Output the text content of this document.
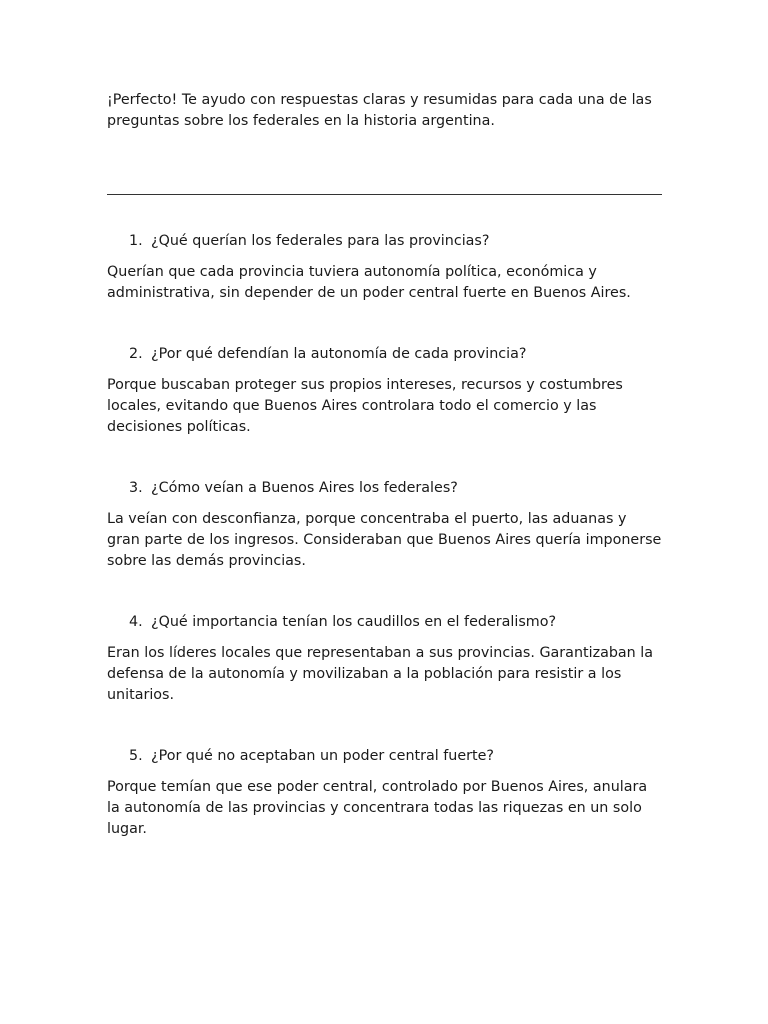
¡Perfecto! Te ayudo con respuestas claras y resumidas para cada una de las preguntas sobre los federales en la historia argentina.

1. ¿Qué querían los federales para las provincias?

Querían que cada provincia tuviera autonomía política, económica y administrativa, sin depender de un poder central fuerte en Buenos Aires.

2. ¿Por qué defendían la autonomía de cada provincia?

Porque buscaban proteger sus propios intereses, recursos y costumbres locales, evitando que Buenos Aires controlara todo el comercio y las decisiones políticas.

3. ¿Cómo veían a Buenos Aires los federales?

La veían con desconfianza, porque concentraba el puerto, las aduanas y gran parte de los ingresos. Consideraban que Buenos Aires quería imponerse sobre las demás provincias.

4. ¿Qué importancia tenían los caudillos en el federalismo?

Eran los líderes locales que representaban a sus provincias. Garantizaban la defensa de la autonomía y movilizaban a la población para resistir a los unitarios.

5. ¿Por qué no aceptaban un poder central fuerte?

Porque temían que ese poder central, controlado por Buenos Aires, anulara la autonomía de las provincias y concentrara todas las riquezas en un solo lugar.
